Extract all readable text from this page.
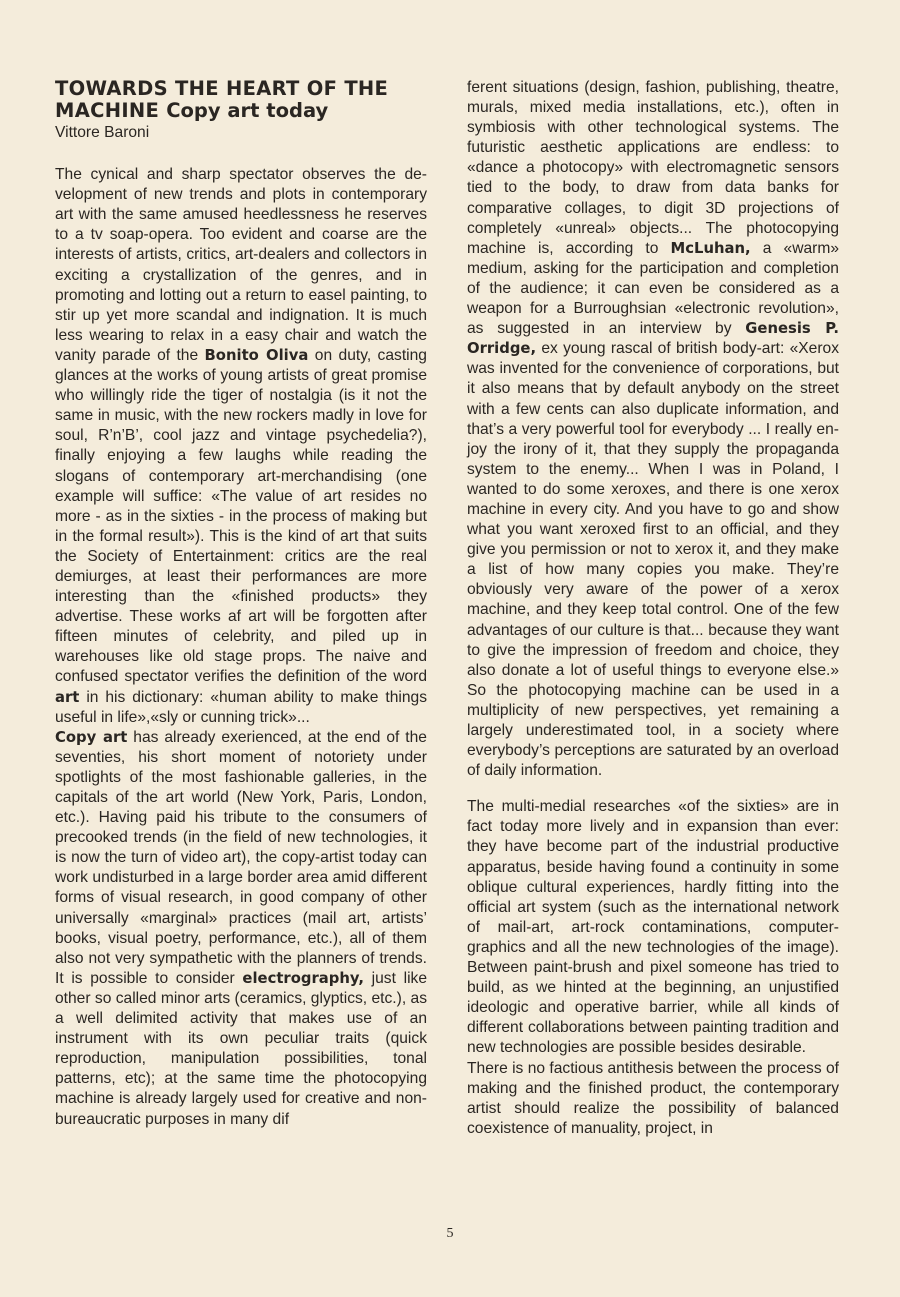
TOWARDS THE HEART OF THE MACHINE Copy art today
Vittore Baroni

The cynical and sharp spectator observes the development of new trends and plots in contemporary art with the same amused heedlessness he reserves to a tv soap-opera. Too evident and coarse are the interests of artists, critics, art-dealers and collectors in exciting a crystallization of the genres, and in promoting and lotting out a return to easel painting, to stir up yet more scandal and indignation. It is much less wearing to relax in a easy chair and watch the vanity parade of the Bonito Oliva on duty, casting glances at the works of young artists of great promise who willingly ride the tiger of nostalgia (is it not the same in music, with the new rockers madly in love for soul, R’n’B’, cool jazz and vintage psychedelia?), finally enjoying a few laughs while reading the slogans of contemporary art-merchandising (one example will suffice: «The value of art resides no more - as in the sixties - in the process of making but in the formal result»). This is the kind of art that suits the Society of Entertainment: critics are the real demiurges, at least their performances are more interesting than the «finished products» they advertise. These works af art will be forgotten after fifteen minutes of celebrity, and piled up in warehouses like old stage props. The naive and confused spectator verifies the definition of the word art in his dictionary: «human ability to make things useful in life»,«sly or cunning trick»...

Copy art has already exerienced, at the end of the seventies, his short moment of notoriety under spotlights of the most fashionable galleries, in the capitals of the art world (New York, Paris, London, etc.). Having paid his tribute to the consumers of precooked trends (in the field of new technologies, it is now the turn of video art), the copy-artist today can work undisturbed in a large border area amid different forms of visual research, in good company of other universally «marginal» practices (mail art, artists’ books, visual poetry, performance, etc.), all of them also not very sympathetic with the planners of trends. It is possible to consider electrography, just like other so called minor arts (ceramics, glyptics, etc.), as a well delimited activity that makes use of an instrument with its own peculiar traits (quick reproduction, manipulation possibilities, tonal patterns, etc); at the same time the photocopying machine is already largely used for creative and non-bureaucratic purposes in many dif

ferent situations (design, fashion, publishing, theatre, murals, mixed media installations, etc.), often in symbiosis with other technological systems. The futuristic aesthetic applications are endless: to «dance a photocopy» with electromagnetic sensors tied to the body, to draw from data banks for comparative collages, to digit 3D projections of completely «unreal» objects... The photocopying machine is, according to McLuhan, a «warm» medium, asking for the participation and completion of the audience; it can even be considered as a weapon for a Burroughsian «electronic revolution», as suggested in an interview by Genesis P. Orridge, ex young rascal of british body-art: «Xerox was invented for the convenience of corporations, but it also means that by default anybody on the street with a few cents can also duplicate information, and that’s a very powerful tool for everybody ... I really enjoy the irony of it, that they supply the propaganda system to the enemy... When I was in Poland, I wanted to do some xeroxes, and there is one xerox machine in every city. And you have to go and show what you want xeroxed first to an official, and they give you permission or not to xerox it, and they make a list of how many copies you make. They’re obviously very aware of the power of a xerox machine, and they keep total control. One of the few advantages of our culture is that... because they want to give the impression of freedom and choice, they also donate a lot of useful things to everyone else.» So the photocopying machine can be used in a multiplicity of new perspectives, yet remaining a largely underestimated tool, in a society where everybody’s perceptions are saturated by an overload of daily information.

The multi-medial researches «of the sixties» are in fact today more lively and in expansion than ever: they have become part of the industrial productive apparatus, beside having found a continuity in some oblique cultural experiences, hardly fitting into the official art system (such as the international network of mail-art, art-rock contaminations, computer-graphics and all the new technologies of the image). Between paint-brush and pixel someone has tried to build, as we hinted at the beginning, an unjustified ideologic and operative barrier, while all kinds of different collaborations between painting tradition and new technologies are possible besides desirable.

There is no factious antithesis between the process of making and the finished product, the contemporary artist should realize the possibility of balanced coexistence of manuality, project, in

5
